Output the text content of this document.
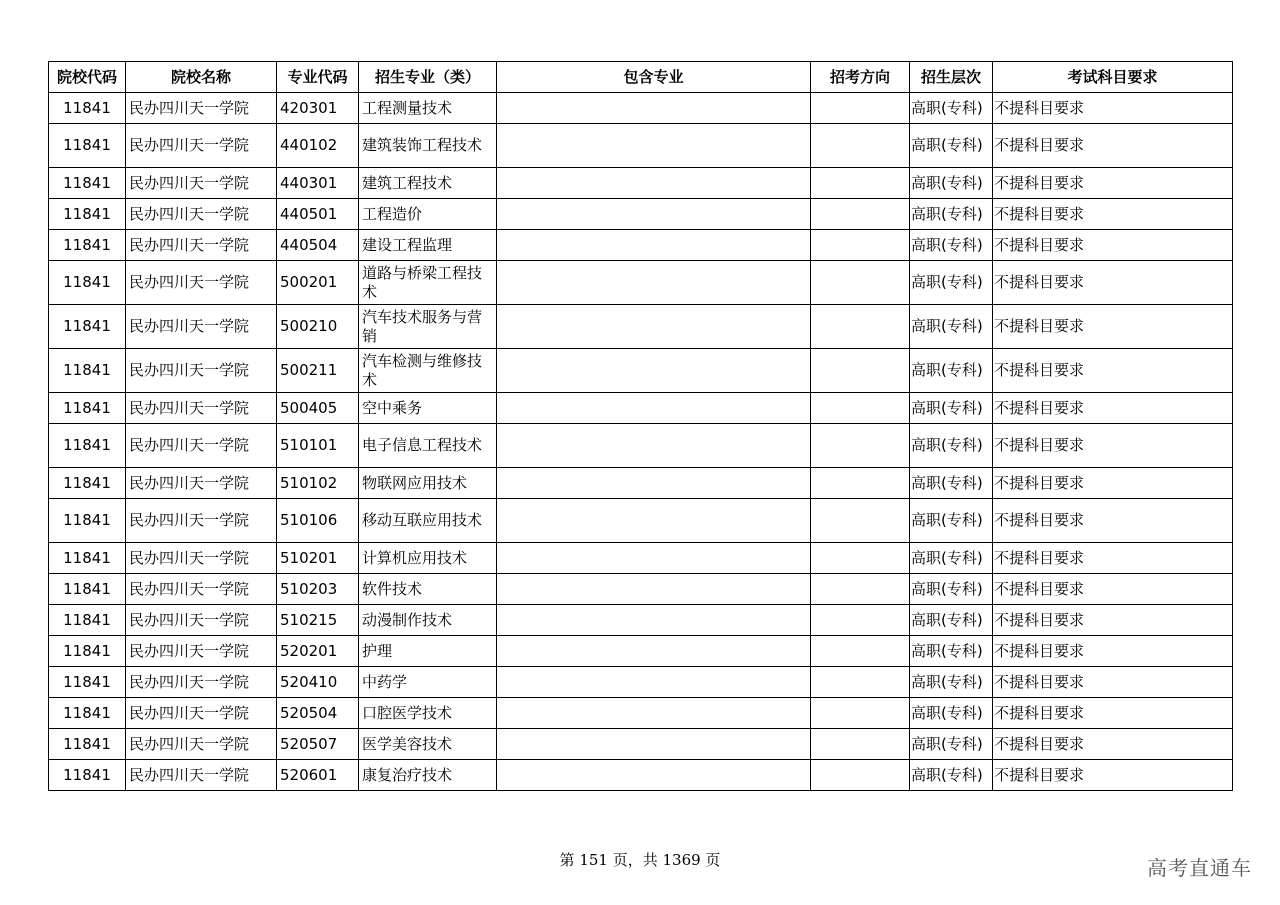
院校代码	院校名称	专业代码	招生专业（类）	包含专业	招考方向	招生层次	考试科目要求
11841	民办四川天一学院	420301	工程测量技术			高职(专科)	不提科目要求
11841	民办四川天一学院	440102	建筑装饰工程技术			高职(专科)	不提科目要求
11841	民办四川天一学院	440301	建筑工程技术			高职(专科)	不提科目要求
11841	民办四川天一学院	440501	工程造价			高职(专科)	不提科目要求
11841	民办四川天一学院	440504	建设工程监理			高职(专科)	不提科目要求
11841	民办四川天一学院	500201	道路与桥梁工程技术			高职(专科)	不提科目要求
11841	民办四川天一学院	500210	汽车技术服务与营销			高职(专科)	不提科目要求
11841	民办四川天一学院	500211	汽车检测与维修技术			高职(专科)	不提科目要求
11841	民办四川天一学院	500405	空中乘务			高职(专科)	不提科目要求
11841	民办四川天一学院	510101	电子信息工程技术			高职(专科)	不提科目要求
11841	民办四川天一学院	510102	物联网应用技术			高职(专科)	不提科目要求
11841	民办四川天一学院	510106	移动互联应用技术			高职(专科)	不提科目要求
11841	民办四川天一学院	510201	计算机应用技术			高职(专科)	不提科目要求
11841	民办四川天一学院	510203	软件技术			高职(专科)	不提科目要求
11841	民办四川天一学院	510215	动漫制作技术			高职(专科)	不提科目要求
11841	民办四川天一学院	520201	护理			高职(专科)	不提科目要求
11841	民办四川天一学院	520410	中药学			高职(专科)	不提科目要求
11841	民办四川天一学院	520504	口腔医学技术			高职(专科)	不提科目要求
11841	民办四川天一学院	520507	医学美容技术			高职(专科)	不提科目要求
11841	民办四川天一学院	520601	康复治疗技术			高职(专科)	不提科目要求
第 151 页，共 1369 页	高考直通车
